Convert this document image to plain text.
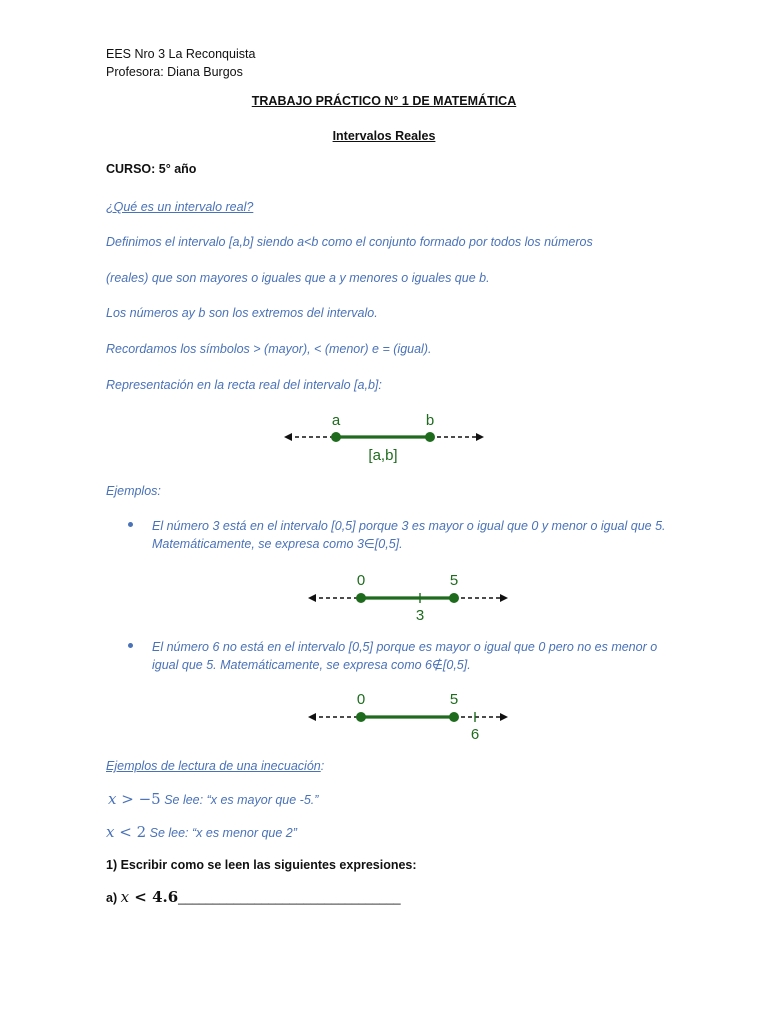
EES Nro 3 La Reconquista
Profesora: Diana Burgos
TRABAJO PRÁCTICO N° 1 DE MATEMÁTICA
Intervalos Reales
CURSO: 5° año
¿Qué es un intervalo real?
Definimos el intervalo [a,b] siendo a<b como el conjunto formado por todos los números
(reales) que son mayores o iguales que a y menores o iguales que b.
Los números ay b son los extremos del intervalo.
Recordamos los símbolos > (mayor), < (menor) e = (igual).
Representación en la recta real del intervalo [a,b]:
a	b
[a,b]
Ejemplos:
El número 3 está en el intervalo [0,5] porque 3 es mayor o igual que 0 y menor o igual que 5. Matemáticamente, se expresa como 3∈[0,5].
0	5
3
El número 6 no está en el intervalo [0,5] porque es mayor o igual que 0 pero no es menor o igual que 5. Matemáticamente, se expresa como 6∉[0,5].
0	5
6
Ejemplos de lectura de una inecuación:
x > −5 Se lee: “x es mayor que -5.”
x < 2 Se lee: “x es menor que 2”
1) Escribir como se leen las siguientes expresiones:
a) x < 4.6________________________________
